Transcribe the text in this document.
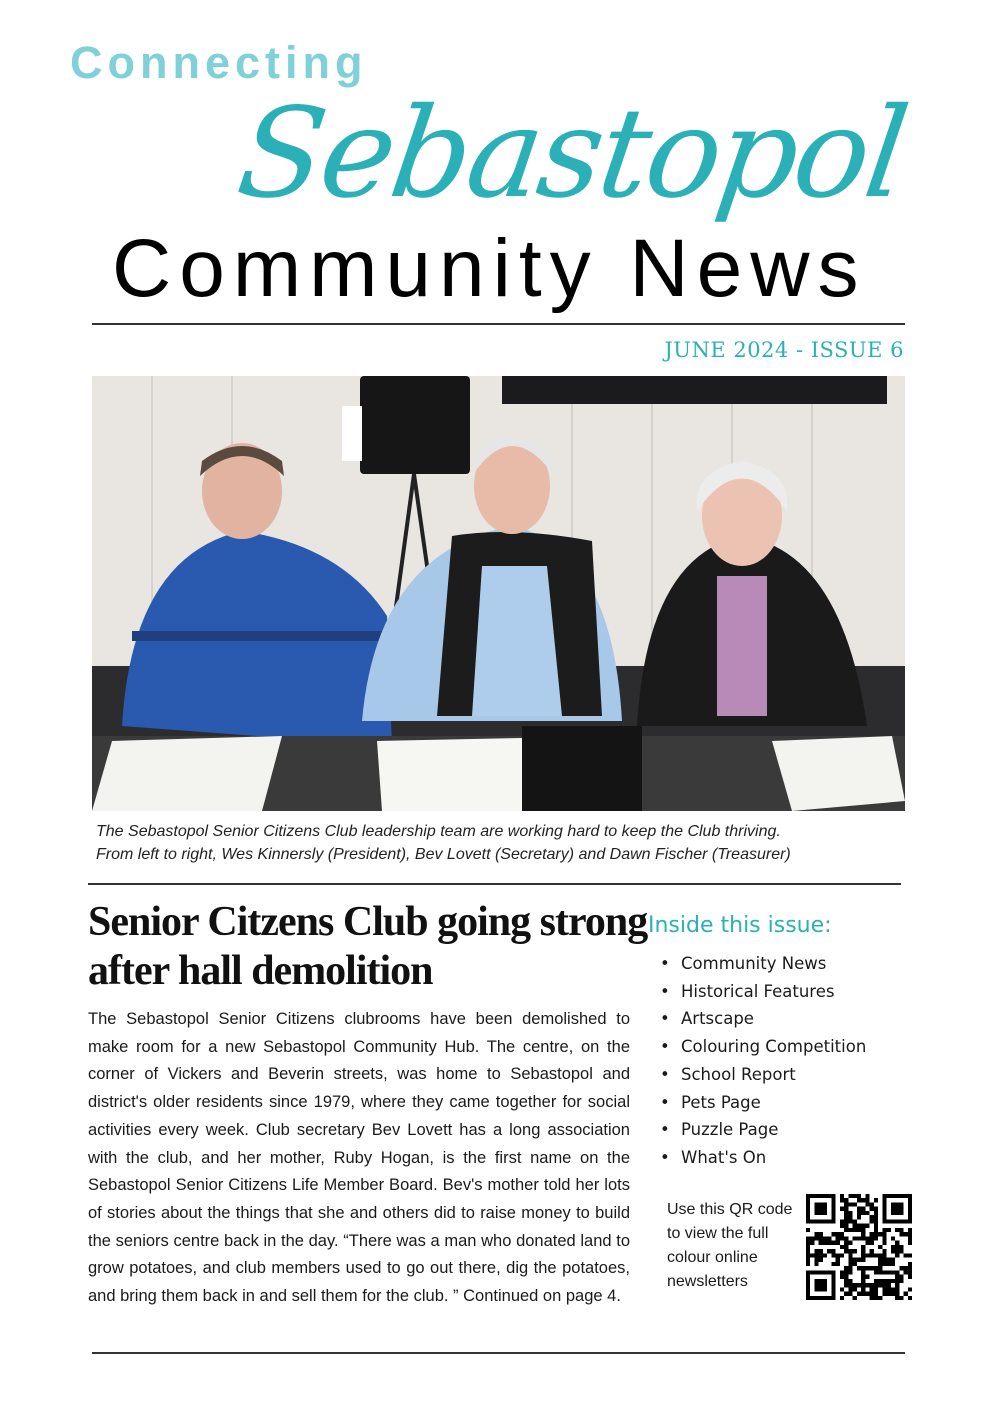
Connecting
Sebastopol
Community News
JUNE 2024 - ISSUE 6
The Sebastopol Senior Citizens Club leadership team are working hard to keep the Club thriving.
From left to right, Wes Kinnersly (President), Bev Lovett (Secretary) and Dawn Fischer (Treasurer)
Senior Citzens Club going strong after hall demolition

The Sebastopol Senior Citizens clubrooms have been demolished to make room for a new Sebastopol Community Hub. The centre, on the corner of Vickers and Beverin streets, was home to Sebastopol and district's older residents since 1979, where they came together for social activities every week. Club secretary Bev Lovett has a long association with the club, and her mother, Ruby Hogan, is the first name on the Sebastopol Senior Citizens Life Member Board. Bev's mother told her lots of stories about the things that she and others did to raise money to build the seniors centre back in the day. “There was a man who donated land to grow potatoes, and club members used to go out there, dig the potatoes, and bring them back in and sell them for the club. ” Continued on page 4.

Inside this issue:
• Community News
• Historical Features
• Artscape
• Colouring Competition
• School Report
• Pets Page
• Puzzle Page
• What's On
Use this QR code to view the full colour online newsletters
